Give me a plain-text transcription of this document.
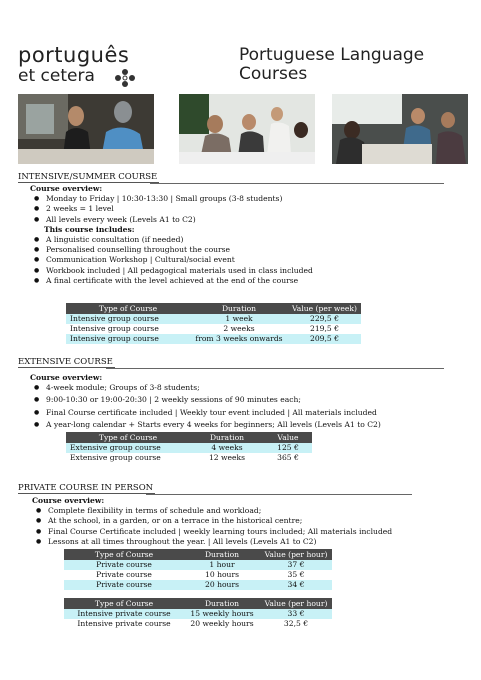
português
et cetera
Portuguese Language
Courses
INTENSIVE/SUMMER COURSE
Course overview:
● Monday to Friday | 10:30-13:30 | Small groups (3-8 students)
● 2 weeks = 1 level
● All levels every week (Levels A1 to C2)
This course includes:
● A linguistic consultation (if needed)
● Personalised counselling throughout the course
● Communication Workshop | Cultural/social event
● Workbook included | All pedagogical materials used in class included
● A final certificate with the level achieved at the end of the course
Type of Course	Duration	Value (per week)
Intensive group course	1 week	229,5 €
Intensive group course	2 weeks	219,5 €
Intensive group course	from 3 weeks onwards	209,5 €
EXTENSIVE COURSE
Course overview:
● 4-week module; Groups of 3-8 students;
● 9:00-10:30 or 19:00-20:30 | 2 weekly sessions of 90 minutes each;
● Final Course certificate included | Weekly tour event included | All materials included
● A year-long calendar + Starts every 4 weeks for beginners; All levels (Levels A1 to C2)
Type of Course	Duration	Value
Extensive group course	4 weeks	125 €
Extensive group course	12 weeks	365 €
PRIVATE COURSE IN PERSON
Course overview:
● Complete flexibility in terms of schedule and workload;
● At the school, in a garden, or on a terrace in the historical centre;
● Final Course Certificate included | weekly learning tours included; All materials included
● Lessons at all times throughout the year. | All levels (Levels A1 to C2)
Type of Course	Duration	Value (per hour)
Private course	1 hour	37 €
Private course	10 hours	35 €
Private course	20 hours	34 €
Type of Course	Duration	Value (per hour)
Intensive private course	15 weekly hours	33 €
Intensive private course	20 weekly hours	32,5 €
